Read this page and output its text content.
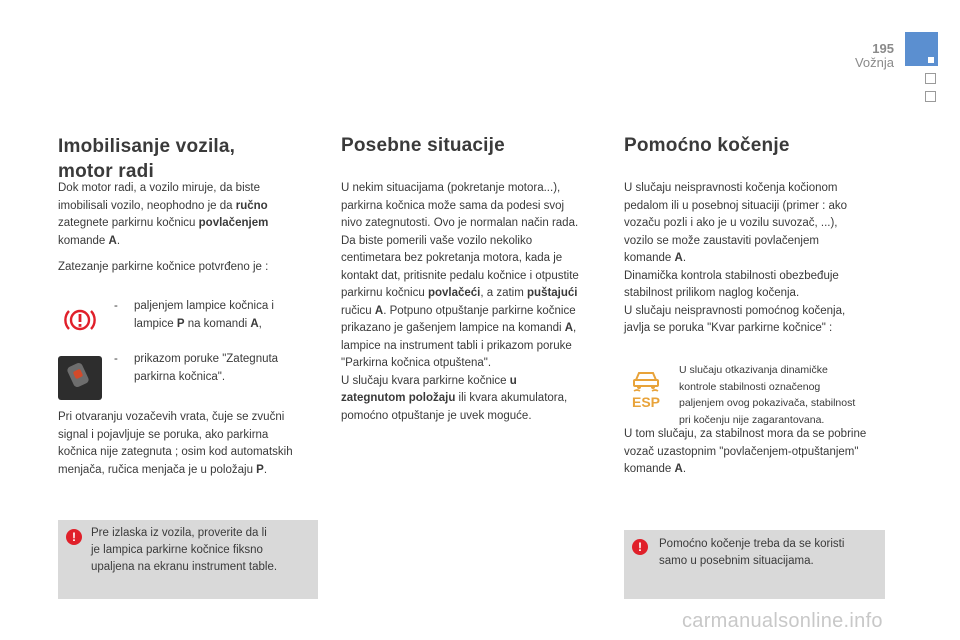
195
Vožnja
Imobilisanje vozila,
motor radi

Dok motor radi, a vozilo miruje, da biste
imobilisali vozilo, neophodno je da ručno
zategnete parkirnu kočnicu povlačenjem
komande A.

Zatezanje parkirne kočnice potvrđeno je :

- paljenjem lampice kočnica i
lampice P na komandi A,
- prikazom poruke "Zategnuta
parkirna kočnica".

Pri otvaranju vozačevih vrata, čuje se zvučni
signal i pojavljuje se poruka, ako parkirna
kočnica nije zategnuta ; osim kod automatskih
menjača, ručica menjača je u položaju P.

!	Pre izlaska iz vozila, proverite da li
je lampica parkirne kočnice fiksno
upaljena na ekranu instrument table.

Posebne situacije

U nekim situacijama (pokretanje motora...),
parkirna kočnica može sama da podesi svoj
nivo zategnutosti. Ovo je normalan način rada.
Da biste pomerili vaše vozilo nekoliko
centimetara bez pokretanja motora, kada je
kontakt dat, pritisnite pedalu kočnice i otpustite
parkirnu kočnicu povlačeći, a zatim puštajući
ručicu A. Potpuno otpuštanje parkirne kočnice
prikazano je gašenjem lampice na komandi A,
lampice na instrument tabli i prikazom poruke
"Parkirna kočnica otpuštena".
U slučaju kvara parkirne kočnice u
zategnutom položaju ili kvara akumulatora,
pomoćno otpuštanje je uvek moguće.

Pomoćno kočenje

U slučaju neispravnosti kočenja kočionom
pedalom ili u posebnoj situaciji (primer : ako
vozaču pozli i ako je u vozilu suvozač, ...),
vozilo se može zaustaviti povlačenjem
komande A.
Dinamička kontrola stabilnosti obezbeđuje
stabilnost prilikom naglog kočenja.
U slučaju neispravnosti pomoćnog kočenja,
javlja se poruka "Kvar parkirne kočnice" :

ESP

U slučaju otkazivanja dinamičke
kontrole stabilnosti označenog
paljenjem ovog pokazivača, stabilnost
pri kočenju nije zagarantovana.

U tom slučaju, za stabilnost mora da se pobrine
vozač uzastopnim "povlačenjem-otpuštanjem"
komande A.

!	Pomoćno kočenje treba da se koristi
samo u posebnim situacijama.

carmanualsonline.info
